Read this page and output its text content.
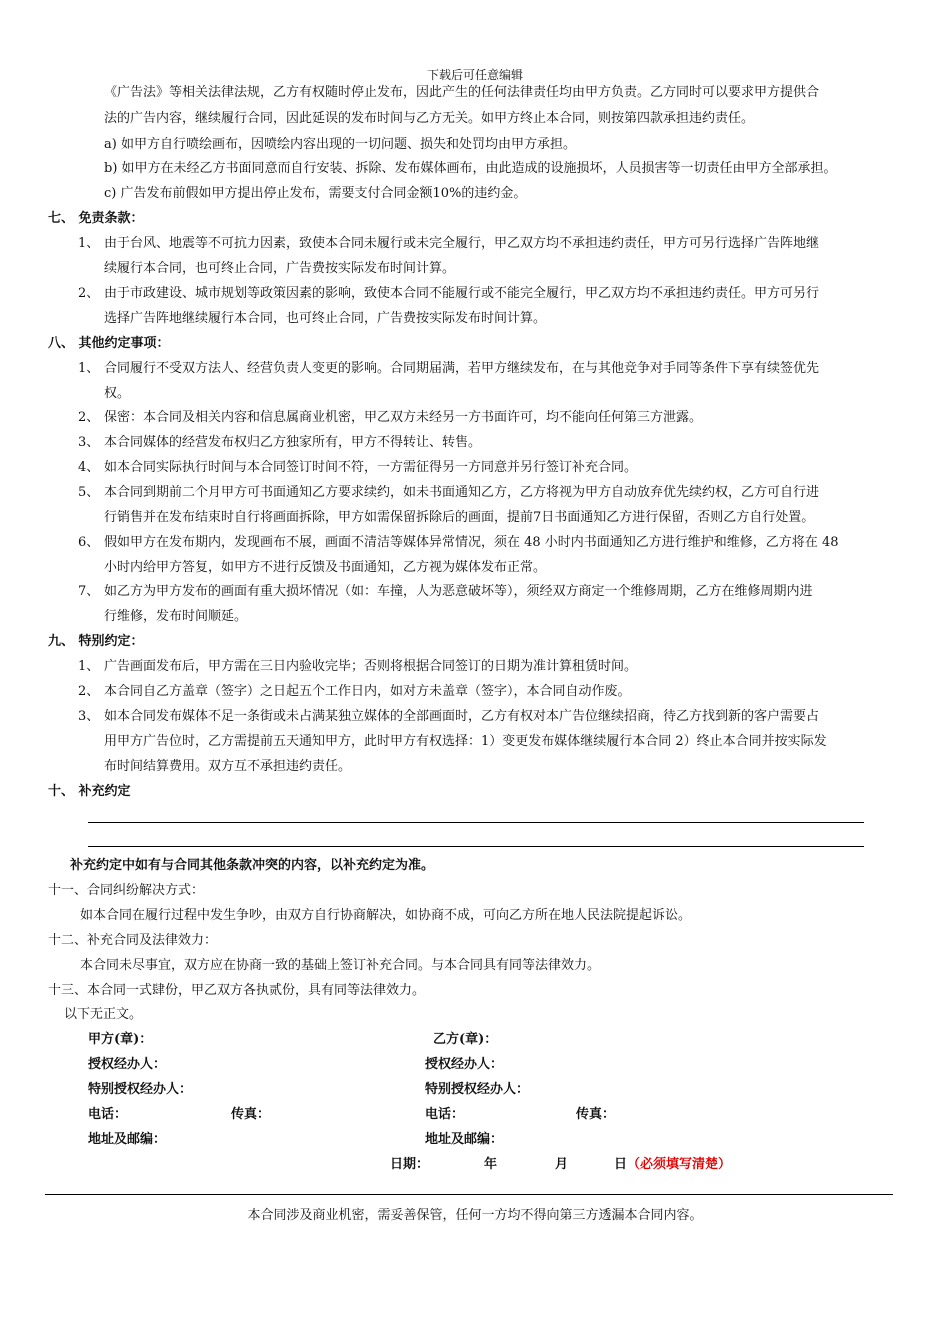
下载后可任意编辑
《广告法》等相关法律法规，乙方有权随时停止发布，因此产生的任何法律责任均由甲方负责。乙方同时可以要求甲方提供合
法的广告内容，继续履行合同，因此延误的发布时间与乙方无关。如甲方终止本合同，则按第四款承担违约责任。
a) 如甲方自行喷绘画布，因喷绘内容出现的一切问题、损失和处罚均由甲方承担。
b) 如甲方在未经乙方书面同意而自行安装、拆除、发布媒体画布，由此造成的设施损坏，人员损害等一切责任由甲方全部承担。
c) 广告发布前假如甲方提出停止发布，需要支付合同金额10%的违约金。
七、 免责条款：
1、 由于台风、地震等不可抗力因素，致使本合同未履行或未完全履行，甲乙双方均不承担违约责任，甲方可另行选择广告阵地继
续履行本合同，也可终止合同，广告费按实际发布时间计算。
2、 由于市政建设、城市规划等政策因素的影响，致使本合同不能履行或不能完全履行，甲乙双方均不承担违约责任。甲方可另行
选择广告阵地继续履行本合同，也可终止合同，广告费按实际发布时间计算。
八、 其他约定事项：
1、 合同履行不受双方法人、经营负责人变更的影响。合同期届满，若甲方继续发布，在与其他竞争对手同等条件下享有续签优先
权。
2、 保密：本合同及相关内容和信息属商业机密，甲乙双方未经另一方书面许可，均不能向任何第三方泄露。
3、 本合同媒体的经营发布权归乙方独家所有，甲方不得转让、转售。
4、 如本合同实际执行时间与本合同签订时间不符，一方需征得另一方同意并另行签订补充合同。
5、 本合同到期前二个月甲方可书面通知乙方要求续约，如未书面通知乙方，乙方将视为甲方自动放弃优先续约权，乙方可自行进
行销售并在发布结束时自行将画面拆除，甲方如需保留拆除后的画面，提前7日书面通知乙方进行保留，否则乙方自行处置。
6、 假如甲方在发布期内，发现画布不展，画面不清洁等媒体异常情况，须在 48 小时内书面通知乙方进行维护和维修，乙方将在 48
小时内给甲方答复，如甲方不进行反馈及书面通知，乙方视为媒体发布正常。
7、 如乙方为甲方发布的画面有重大损坏情况（如：车撞，人为恶意破坏等），须经双方商定一个维修周期，乙方在维修周期内进
行维修，发布时间顺延。
九、 特别约定：
1、 广告画面发布后，甲方需在三日内验收完毕；否则将根据合同签订的日期为准计算租赁时间。
2、 本合同自乙方盖章（签字）之日起五个工作日内，如对方未盖章（签字），本合同自动作废。
3、 如本合同发布媒体不足一条街或未占满某独立媒体的全部画面时，乙方有权对本广告位继续招商，待乙方找到新的客户需要占
用甲方广告位时，乙方需提前五天通知甲方，此时甲方有权选择：1）变更发布媒体继续履行本合同 2）终止本合同并按实际发
布时间结算费用。双方互不承担违约责任。
十、 补充约定
补充约定中如有与合同其他条款冲突的内容，以补充约定为准。
十一、合同纠纷解决方式：
如本合同在履行过程中发生争吵，由双方自行协商解决，如协商不成，可向乙方所在地人民法院提起诉讼。
十二、补充合同及法律效力：
本合同未尽事宜，双方应在协商一致的基础上签订补充合同。与本合同具有同等法律效力。
十三、本合同一式肆份，甲乙双方各执贰份，具有同等法律效力。
以下无正文。
甲方(章)：	乙方(章)：
授权经办人：	授权经办人：
特别授权经办人：	特别授权经办人：
电话：	传真：	电话：	传真：
地址及邮编：	地址及邮编：
日期：	年	月	日 （必须填写清楚）
本合同涉及商业机密，需妥善保管，任何一方均不得向第三方透漏本合同内容。
